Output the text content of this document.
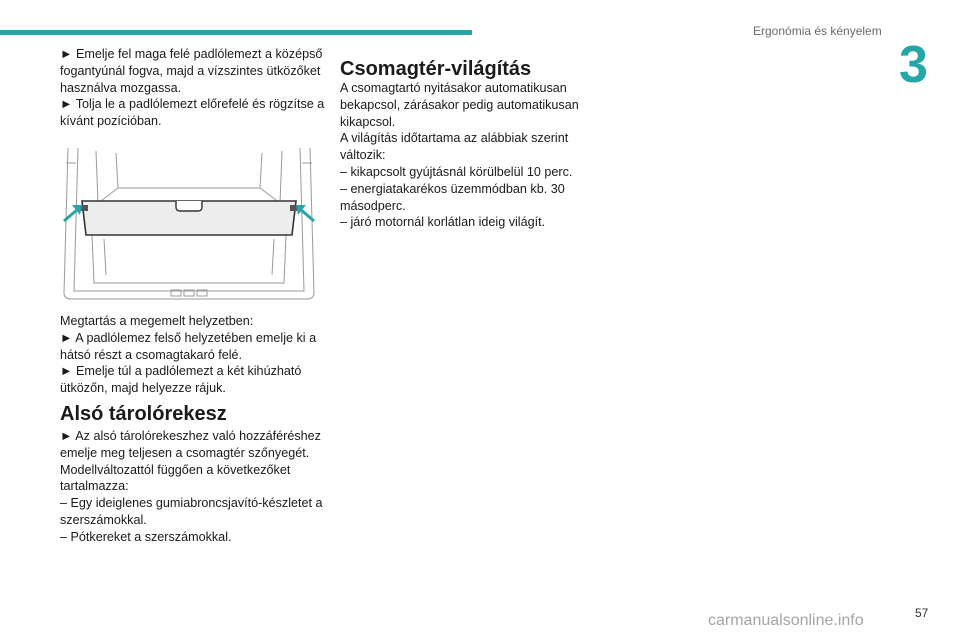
Ergonómia és kényelem
3

► Emelje fel maga felé padlólemezt a középső

fogantyúnál fogva, majd a vízszintes ütközőket

használva mozgassa.

► Tolja le a padlólemezt előrefelé és rögzítse a

kívánt pozícióban.

Megtartás a megemelt helyzetben:

► A padlólemez felső helyzetében emelje ki a

hátsó részt a csomagtakaró felé.

► Emelje túl a padlólemezt a két kihúzható

ütközőn, majd helyezze rájuk.

Alsó tárolórekesz

► Az alsó tárolórekeszhez való hozzáféréshez

emelje meg teljesen a csomagtér szőnyegét.

Modellváltozattól függően a következőket

tartalmazza:

– Egy ideiglenes gumiabroncsjavító-készletet a

szerszámokkal.

– Pótkereket a szerszámokkal.

Csomagtér-világítás

A csomagtartó nyitásakor automatikusan

bekapcsol, zárásakor pedig automatikusan

kikapcsol.

A világítás időtartama az alábbiak szerint

változik:

– kikapcsolt gyújtásnál körülbelül 10 perc.

– energiatakarékos üzemmódban kb. 30

másodperc.

– járó motornál korlátlan ideig világít.

carmanualsonline.info	57
